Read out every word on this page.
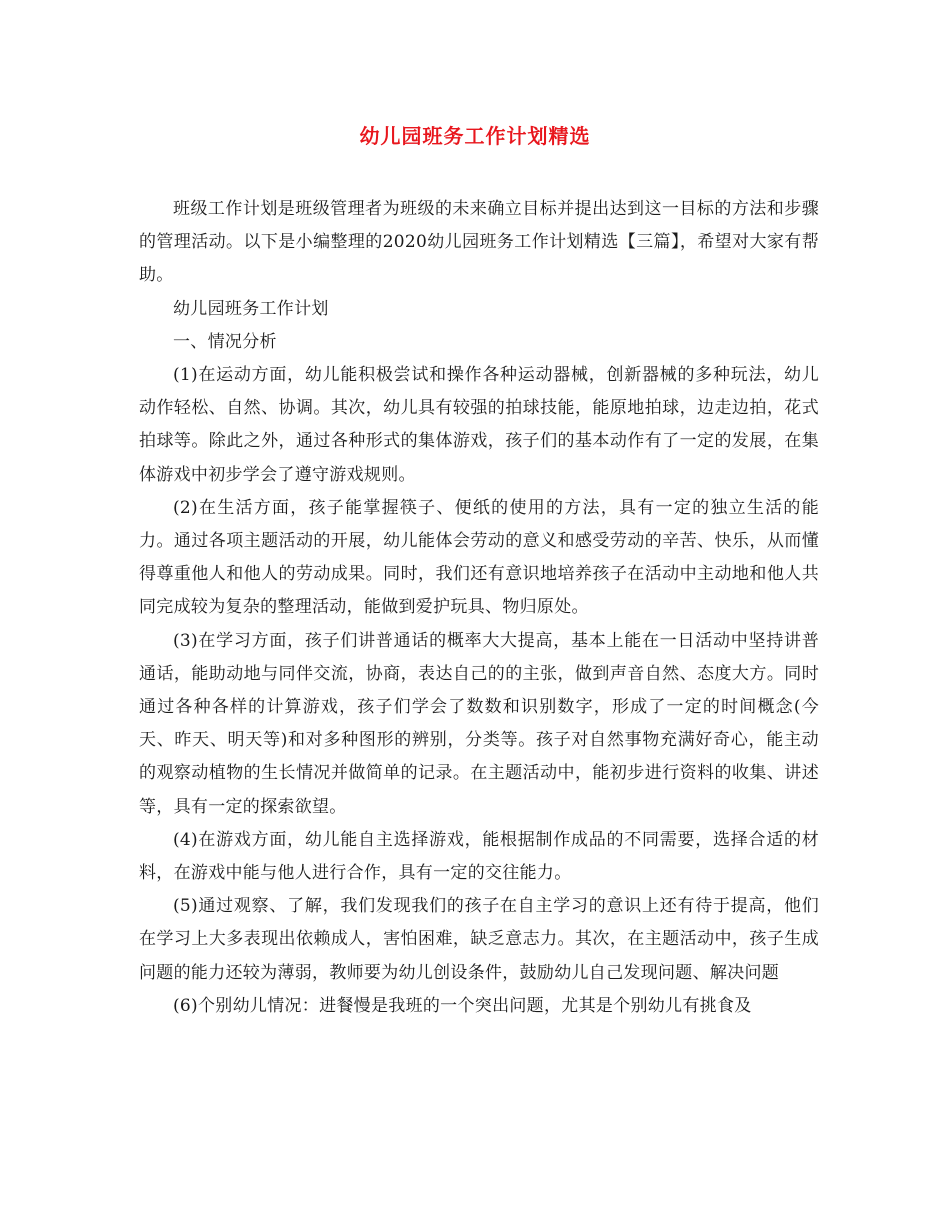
幼儿园班务工作计划精选

班级工作计划是班级管理者为班级的未来确立目标并提出达到这一目标的方法和步骤的管理活动。以下是小编整理的2020幼儿园班务工作计划精选【三篇】，希望对大家有帮助。

幼儿园班务工作计划

一、情况分析

(1)在运动方面，幼儿能积极尝试和操作各种运动器械，创新器械的多种玩法，幼儿动作轻松、自然、协调。其次，幼儿具有较强的拍球技能，能原地拍球，边走边拍，花式拍球等。除此之外，通过各种形式的集体游戏，孩子们的基本动作有了一定的发展，在集体游戏中初步学会了遵守游戏规则。

(2)在生活方面，孩子能掌握筷子、便纸的使用的方法，具有一定的独立生活的能力。通过各项主题活动的开展，幼儿能体会劳动的意义和感受劳动的辛苦、快乐，从而懂得尊重他人和他人的劳动成果。同时，我们还有意识地培养孩子在活动中主动地和他人共同完成较为复杂的整理活动，能做到爱护玩具、物归原处。

(3)在学习方面，孩子们讲普通话的概率大大提高，基本上能在一日活动中坚持讲普通话，能助动地与同伴交流，协商，表达自己的的主张，做到声音自然、态度大方。同时通过各种各样的计算游戏，孩子们学会了数数和识别数字，形成了一定的时间概念(今天、昨天、明天等)和对多种图形的辨别，分类等。孩子对自然事物充满好奇心，能主动的观察动植物的生长情况并做简单的记录。在主题活动中，能初步进行资料的收集、讲述等，具有一定的探索欲望。

(4)在游戏方面，幼儿能自主选择游戏，能根据制作成品的不同需要，选择合适的材料，在游戏中能与他人进行合作，具有一定的交往能力。

(5)通过观察、了解，我们发现我们的孩子在自主学习的意识上还有待于提高，他们在学习上大多表现出依赖成人，害怕困难，缺乏意志力。其次，在主题活动中，孩子生成问题的能力还较为薄弱，教师要为幼儿创设条件，鼓励幼儿自己发现问题、解决问题

(6)个别幼儿情况：进餐慢是我班的一个突出问题，尤其是个别幼儿有挑食及
